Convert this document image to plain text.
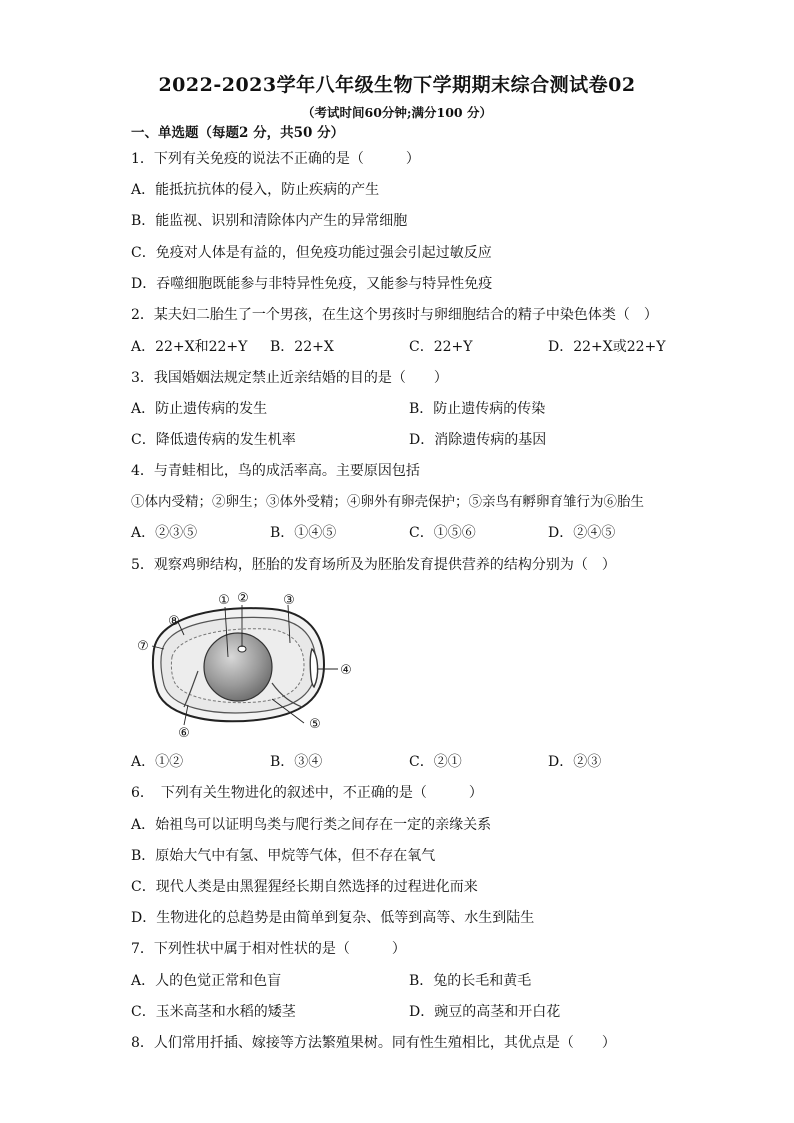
2022-2023学年八年级生物下学期期末综合测试卷02
（考试时间60分钟;满分100 分）
一、单选题（每题2 分，共50 分）
1．下列有关免疫的说法不正确的是（　　　）
A．能抵抗抗体的侵入，防止疾病的产生
B．能监视、识别和清除体内产生的异常细胞
C．免疫对人体是有益的，但免疫功能过强会引起过敏反应
D．吞噬细胞既能参与非特异性免疫，又能参与特异性免疫
2．某夫妇二胎生了一个男孩，在生这个男孩时与卵细胞结合的精子中染色体类（　）
A．22+X和22+Y B．22+X	C．22+Y	D．22+X或22+Y
3．我国婚姻法规定禁止近亲结婚的目的是（　　）
A．防止遗传病的发生	B．防止遗传病的传染
C．降低遗传病的发生机率	D．消除遗传病的基因
4．与青蛙相比，鸟的成活率高。主要原因包括
①体内受精；②卵生；③体外受精；④卵外有卵壳保护；⑤亲鸟有孵卵育雏行为⑥胎生
A．②③⑤	B．①④⑤	C．①⑤⑥	D．②④⑤
5．观察鸡卵结构，胚胎的发育场所及为胚胎发育提供营养的结构分别为（　）
① ②	③
④
⑤
⑥
⑦
⑧
A．①②	B．③④	C．②①	D．②③
6．　下列有关生物进化的叙述中，不正确的是（　　　）
A．始祖鸟可以证明鸟类与爬行类之间存在一定的亲缘关系
B．原始大气中有氢、甲烷等气体，但不存在氧气
C．现代人类是由黑猩猩经长期自然选择的过程进化而来
D．生物进化的总趋势是由简单到复杂、低等到高等、水生到陆生
7．下列性状中属于相对性状的是（　　　）
A．人的色觉正常和色盲	B．兔的长毛和黄毛
C．玉米高茎和水稻的矮茎	D．豌豆的高茎和开白花
8．人们常用扦插、嫁接等方法繁殖果树。同有性生殖相比，其优点是（　　）
